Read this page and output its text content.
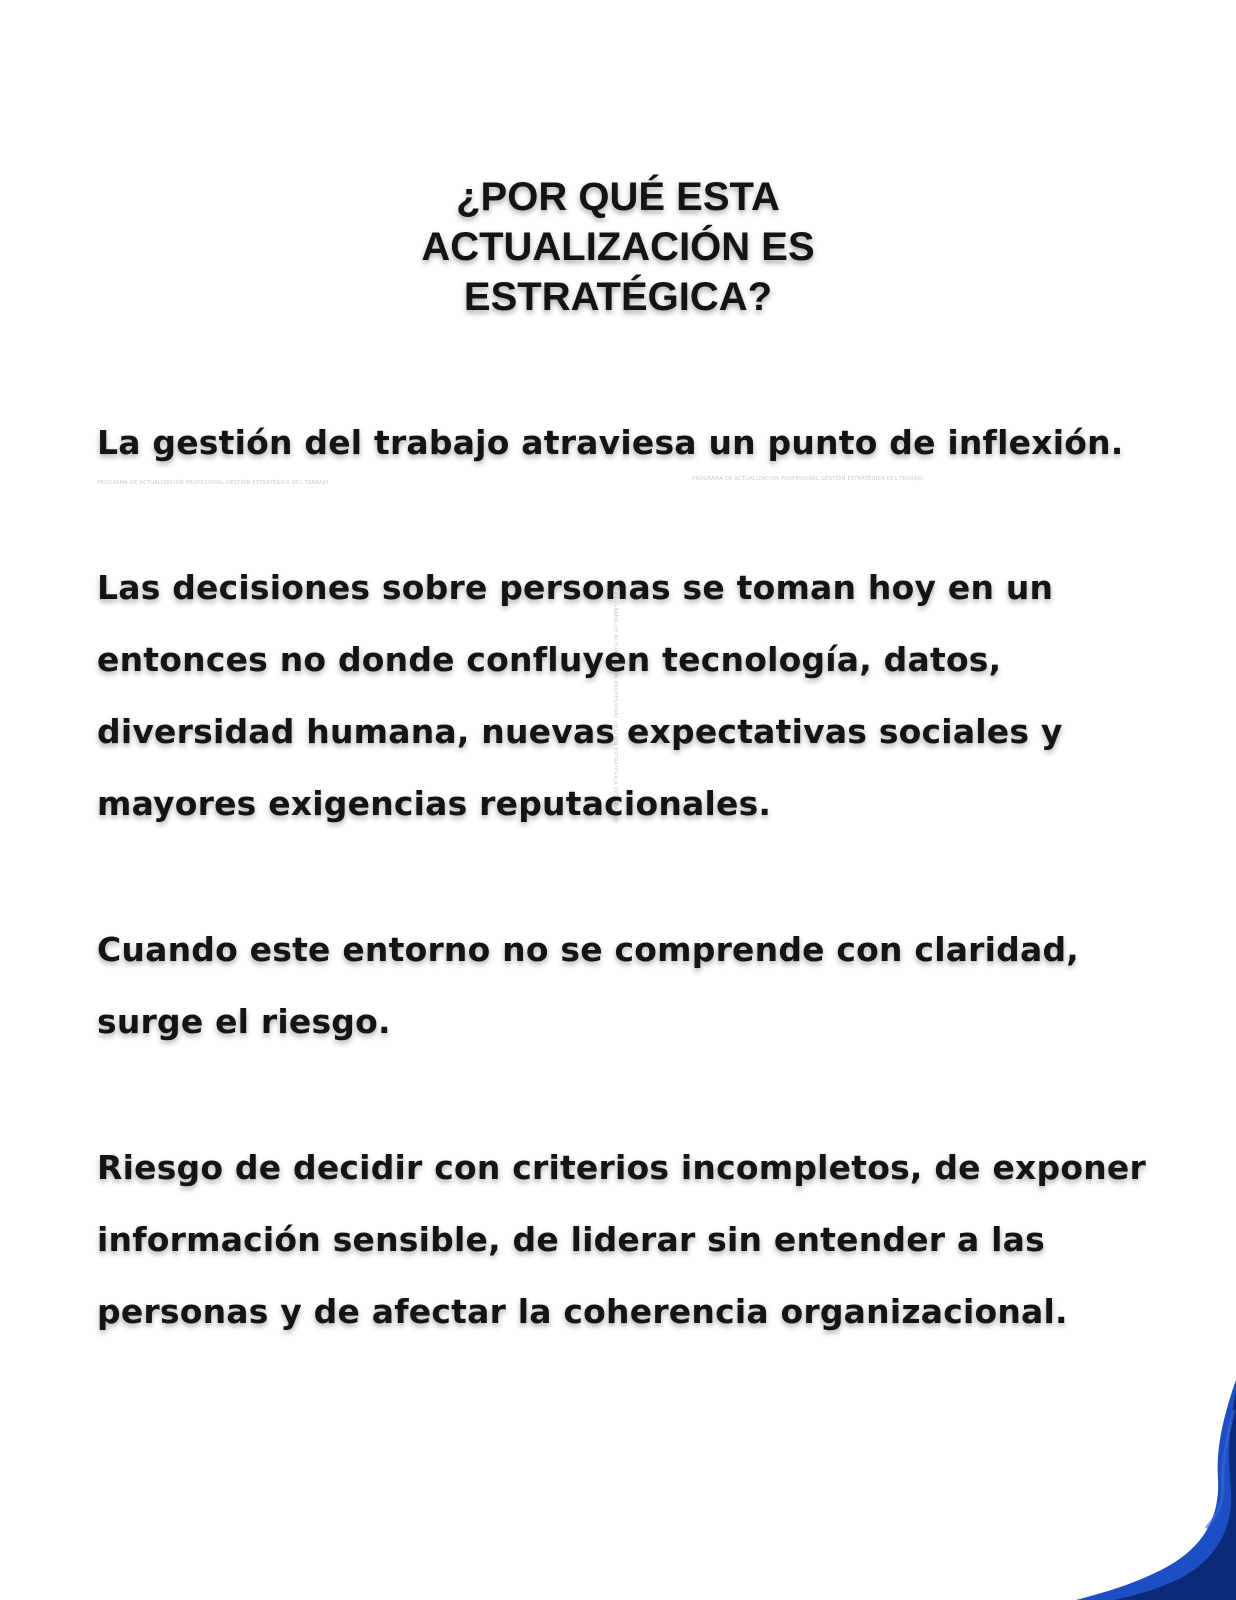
¿POR QUÉ ESTA
ACTUALIZACIÓN ES
ESTRATÉGICA?
PROGRAMA DE ACTUALIZACIÓN PROFESIONAL GESTIÓN ESTRATÉGICA DEL TRABAJO
PROGRAMA DE ACTUALIZACIÓN PROFESIONAL GESTIÓN ESTRATÉGICA DEL TRABAJO
PROGRAMA DE ACTUALIZACIÓN PROFESIONAL GESTIÓN ESTRATÉGICA DEL TRABAJO

La gestión del trabajo atraviesa un punto de inflexión.

Las decisiones sobre personas se toman hoy en un
entonces no donde confluyen tecnología, datos,
diversidad humana, nuevas expectativas sociales y
mayores exigencias reputacionales.

Cuando este entorno no se comprende con claridad,
surge el riesgo.

Riesgo de decidir con criterios incompletos, de exponer
información sensible, de liderar sin entender a las
personas y de afectar la coherencia organizacional.
